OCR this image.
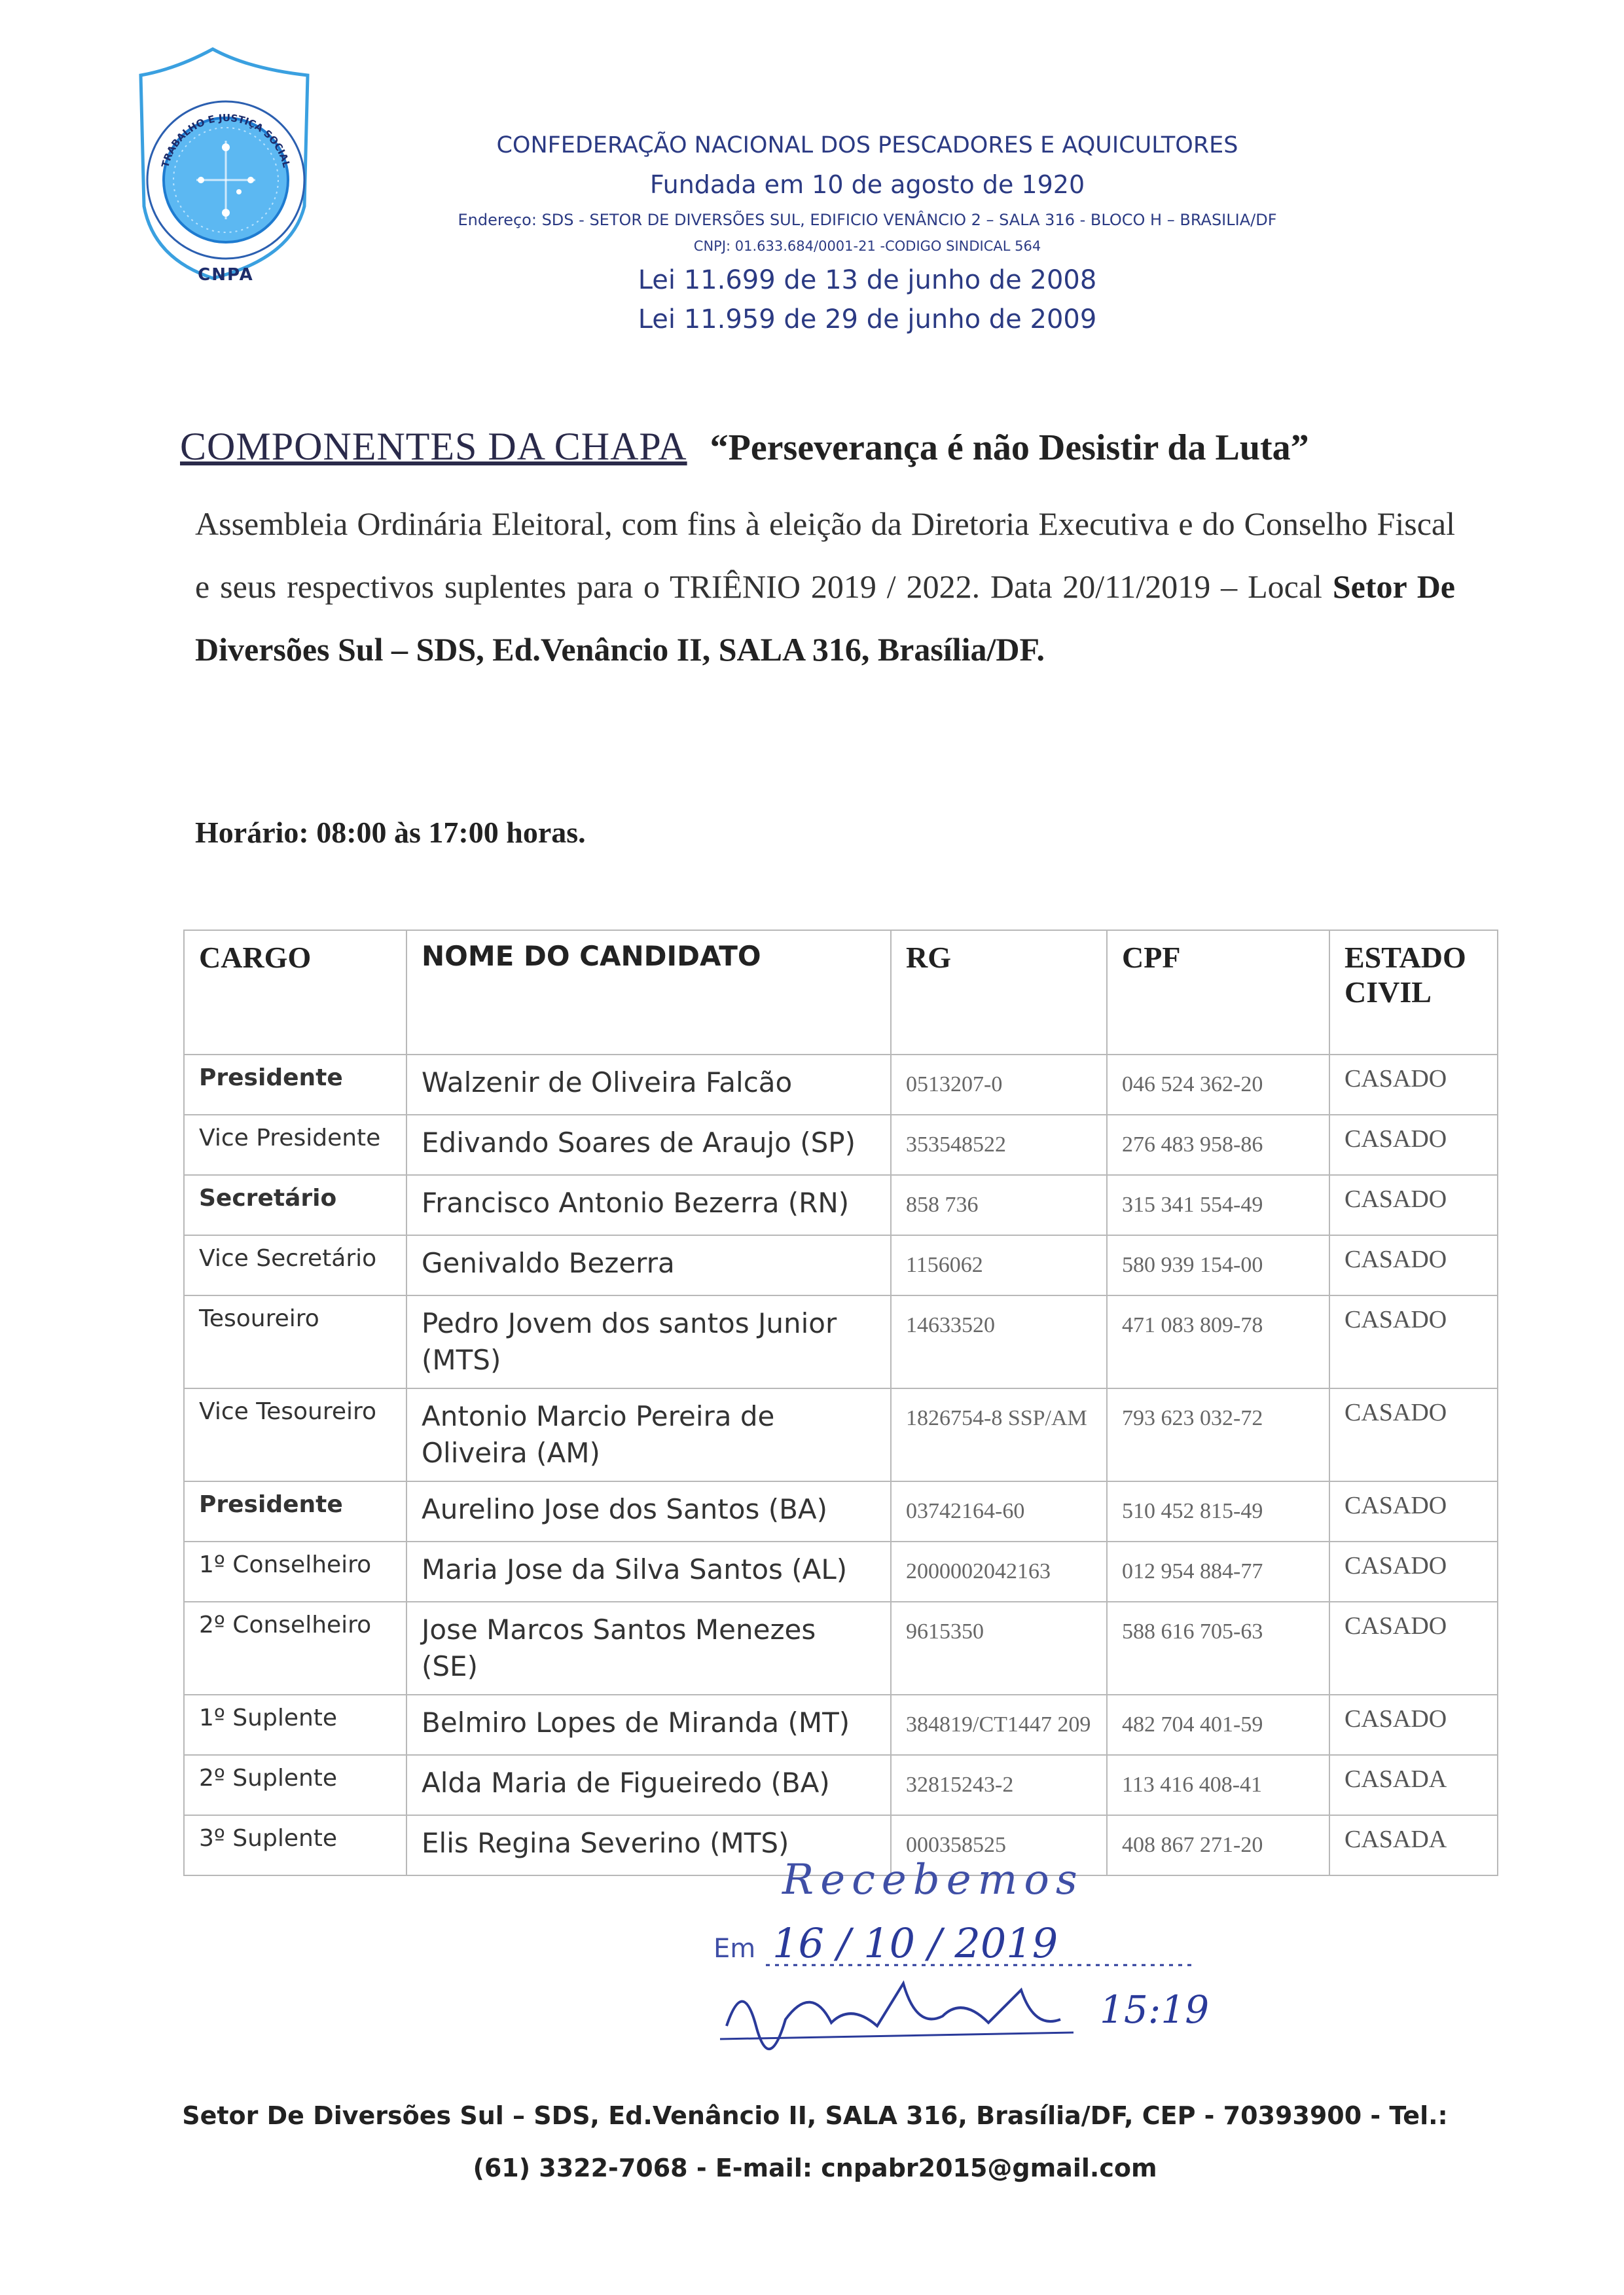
TRABALHO E JUSTIÇA SOCIAL
CNPA
CONFEDERAÇÃO NACIONAL DOS PESCADORES E AQUICULTORES
Fundada em 10 de agosto de 1920
Endereço: SDS - SETOR DE DIVERSÕES SUL, EDIFICIO VENÂNCIO 2 – SALA 316 - BLOCO H – BRASILIA/DF
CNPJ: 01.633.684/0001-21 -CODIGO SINDICAL 564
Lei 11.699 de 13 de junho de 2008
Lei 11.959 de 29 de junho de 2009
COMPONENTES DA CHAPA “Perseverança é não Desistir da Luta”
Assembleia Ordinária Eleitoral, com fins à eleição da Diretoria Executiva e do Conselho Fiscal e seus respectivos suplentes para o TRIÊNIO 2019 / 2022. Data 20/11/2019 – Local Setor De Diversões Sul – SDS, Ed.Venâncio II, SALA 316, Brasília/DF.
Horário: 08:00 às 17:00 horas.
CARGO	NOME DO CANDIDATO	RG	CPF	ESTADO CIVIL
Presidente	Walzenir de Oliveira Falcão	0513207-0	046 524 362-20	CASADO
Vice Presidente	Edivando Soares de Araujo (SP)	353548522	276 483 958-86	CASADO
Secretário	Francisco Antonio Bezerra (RN)	858 736	315 341 554-49	CASADO
Vice Secretário	Genivaldo Bezerra	1156062	580 939 154-00	CASADO
Tesoureiro	Pedro Jovem dos santos Junior (MTS)	14633520	471 083 809-78	CASADO
Vice Tesoureiro	Antonio Marcio Pereira de Oliveira (AM)	1826754-8 SSP/AM	793 623 032-72	CASADO
Presidente	Aurelino Jose dos Santos (BA)	03742164-60	510 452 815-49	CASADO
1º Conselheiro	Maria Jose da Silva Santos (AL)	2000002042163	012 954 884-77	CASADO
2º Conselheiro	Jose Marcos Santos Menezes (SE)	9615350	588 616 705-63	CASADO
1º Suplente	Belmiro Lopes de Miranda (MT)	384819/CT1447 209	482 704 401-59	CASADO
2º Suplente	Alda Maria de Figueiredo (BA)	32815243-2	113 416 408-41	CASADA
3º Suplente	Elis Regina Severino (MTS)	000358525	408 867 271-20	CASADA
Recebemos
Em 16 / 10 / 2019
15:19
Setor De Diversões Sul – SDS, Ed.Venâncio II, SALA 316, Brasília/DF, CEP - 70393900 - Tel.:
(61) 3322-7068 - E-mail: cnpabr2015@gmail.com
